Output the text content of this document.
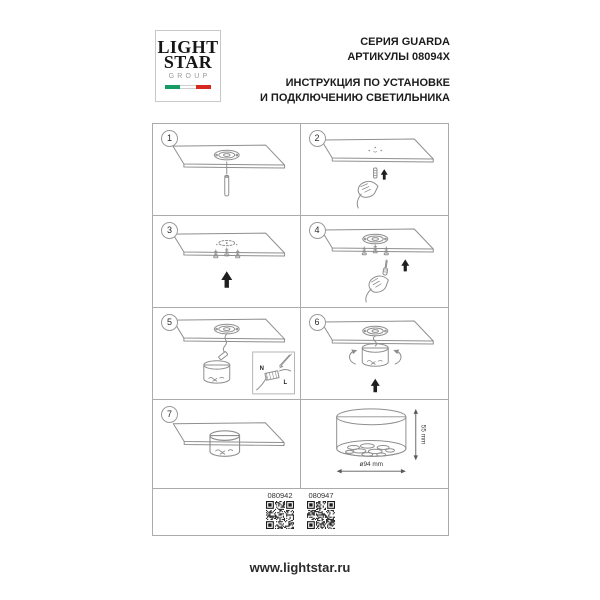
LIGHT
STAR
GROUP
СЕРИЯ GUARDA
АРТИКУЛЫ 08094X
ИНСТРУКЦИЯ ПО УСТАНОВКЕ
И ПОДКЛЮЧЕНИЮ СВЕТИЛЬНИКА
1	2
3	4
5
N
L
6
7
55 mm
ø94 mm
080942 080947
www.lightstar.ru
